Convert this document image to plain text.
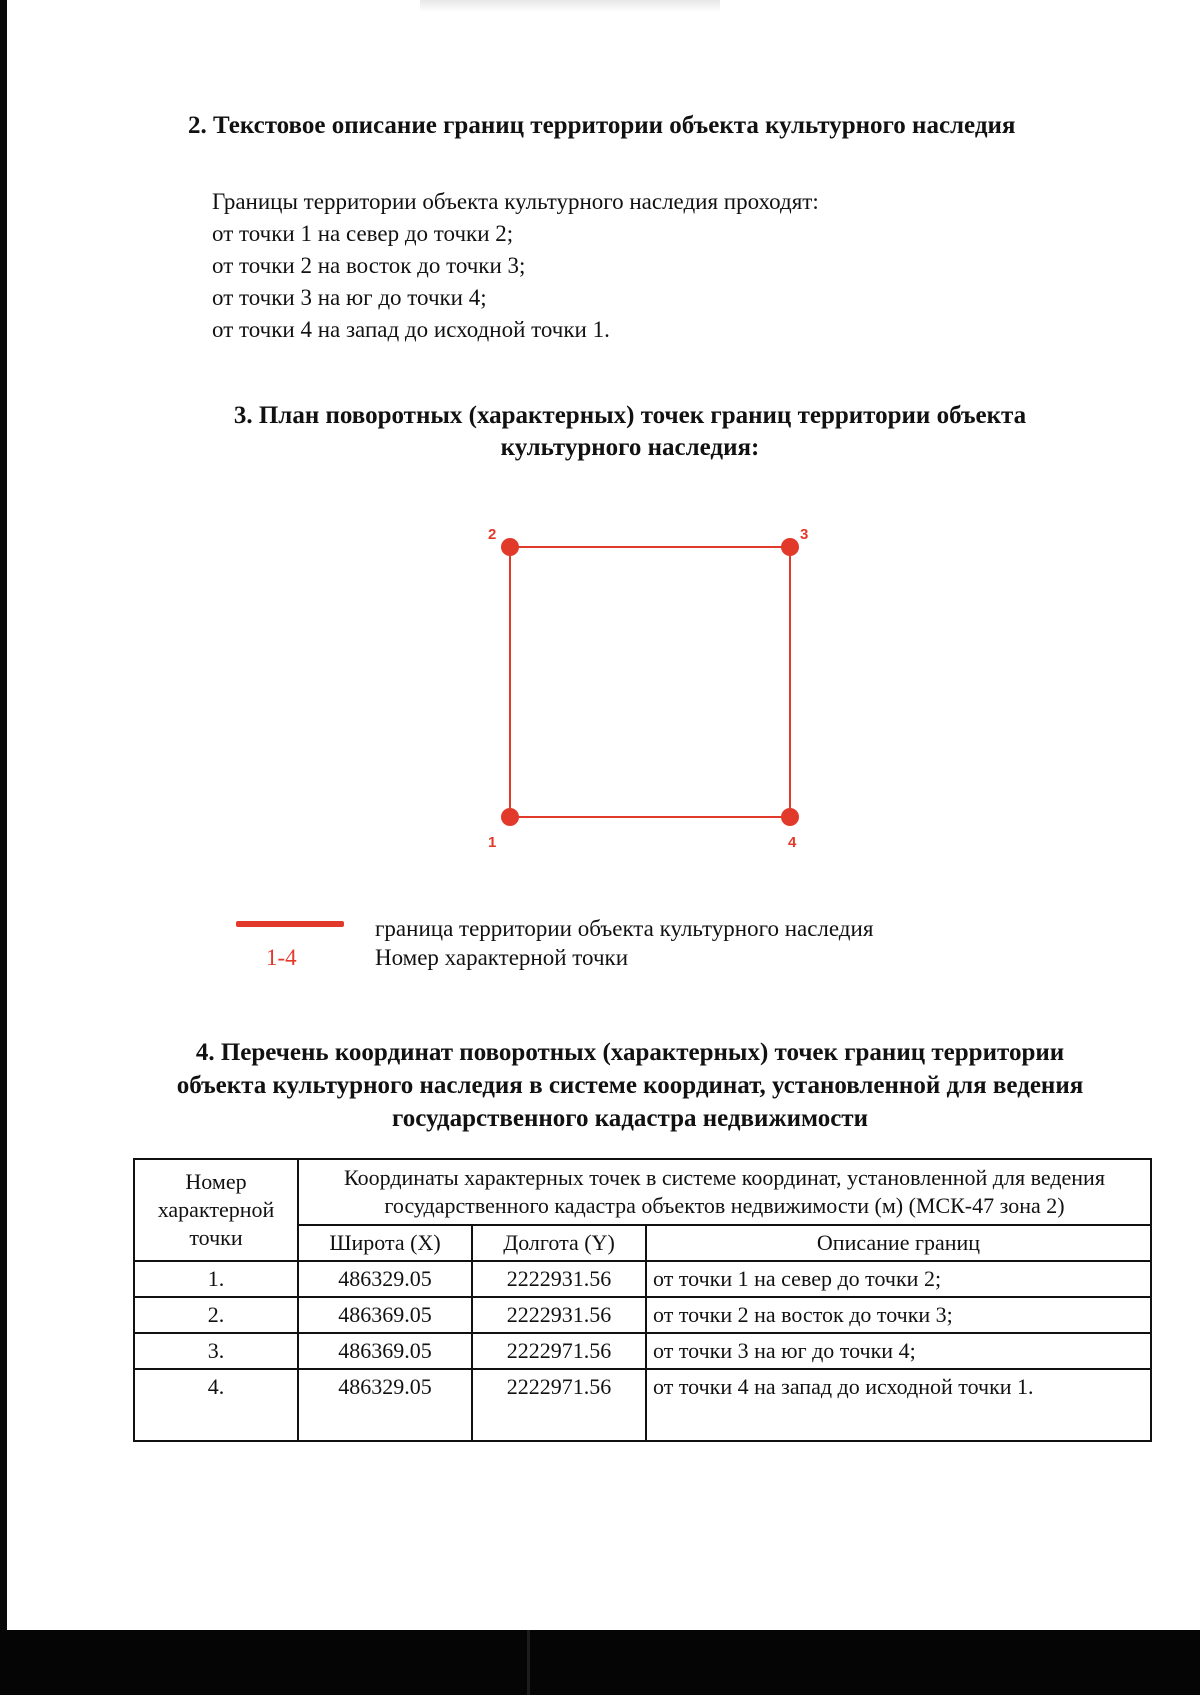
2. Текстовое описание границ территории объекта культурного наследия
Границы территории объекта культурного наследия проходят:
от точки 1 на север до точки 2;
от точки 2 на восток до точки 3;
от точки 3 на юг до точки 4;
от точки 4 на запад до исходной точки 1.
3. План поворотных (характерных) точек границ территории объекта
культурного наследия:
1
2	3
4
граница территории объекта культурного наследия
1-4	Номер характерной точки
4. Перечень координат поворотных (характерных) точек границ территории
объекта культурного наследия в системе координат, установленной для ведения
государственного кадастра недвижимости
Номер характерной точки	Координаты характерных точек в системе координат, установленной для ведения государственного кадастра объектов недвижимости (м) (МСК-47 зона 2)		
	Широта (X)	Долгота (Y)	Описание границ
1.	486329.05	2222931.56	от точки 1 на север до точки 2;
2.	486369.05	2222931.56	от точки 2 на восток до точки 3;
3.	486369.05	2222971.56	от точки 3 на юг до точки 4;
4.	486329.05	2222971.56	от точки 4 на запад до исходной точки 1.
